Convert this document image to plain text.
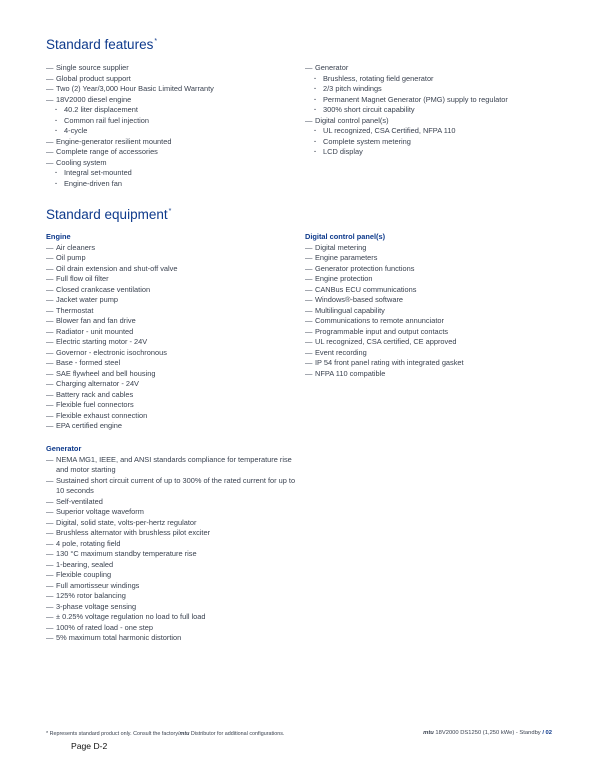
Standard features*
— Single source supplier
— Global product support
— Two (2) Year/3,000 Hour Basic Limited Warranty
— 18V2000 diesel engine
· 40.2 liter displacement
· Common rail fuel injection
· 4-cycle
— Engine-generator resilient mounted
— Complete range of accessories
— Cooling system
· Integral set-mounted
· Engine-driven fan
— Generator
· Brushless, rotating field generator
· 2/3 pitch windings
· Permanent Magnet Generator (PMG) supply to regulator
· 300% short circuit capability
— Digital control panel(s)
· UL recognized, CSA Certified, NFPA 110
· Complete system metering
· LCD display
Standard equipment*
Engine
— Air cleaners
— Oil pump
— Oil drain extension and shut-off valve
— Full flow oil filter
— Closed crankcase ventilation
— Jacket water pump
— Thermostat
— Blower fan and fan drive
— Radiator - unit mounted
— Electric starting motor - 24V
— Governor - electronic isochronous
— Base - formed steel
— SAE flywheel and bell housing
— Charging alternator - 24V
— Battery rack and cables
— Flexible fuel connectors
— Flexible exhaust connection
— EPA certified engine
Generator
— NEMA MG1, IEEE, and ANSI standards compliance for temperature rise and motor starting
— Sustained short circuit current of up to 300% of the rated current for up to 10 seconds
— Self-ventilated
— Superior voltage waveform
— Digital, solid state, volts-per-hertz regulator
— Brushless alternator with brushless pilot exciter
— 4 pole, rotating field
— 130 °C maximum standby temperature rise
— 1-bearing, sealed
— Flexible coupling
— Full amortisseur windings
— 125% rotor balancing
— 3-phase voltage sensing
— ± 0.25% voltage regulation no load to full load
— 100% of rated load - one step
— 5% maximum total harmonic distortion
Digital control panel(s)
— Digital metering
— Engine parameters
— Generator protection functions
— Engine protection
— CANBus ECU communications
— Windows®-based software
— Multilingual capability
— Communications to remote annunciator
— Programmable input and output contacts
— UL recognized, CSA certified, CE approved
— Event recording
— IP 54 front panel rating with integrated gasket
— NFPA 110 compatible
* Represents standard product only. Consult the factory/mtu Distributor for additional configurations.	mtu 18V2000 DS1250 (1,250 kWe) - Standby / 02
Page D-2
